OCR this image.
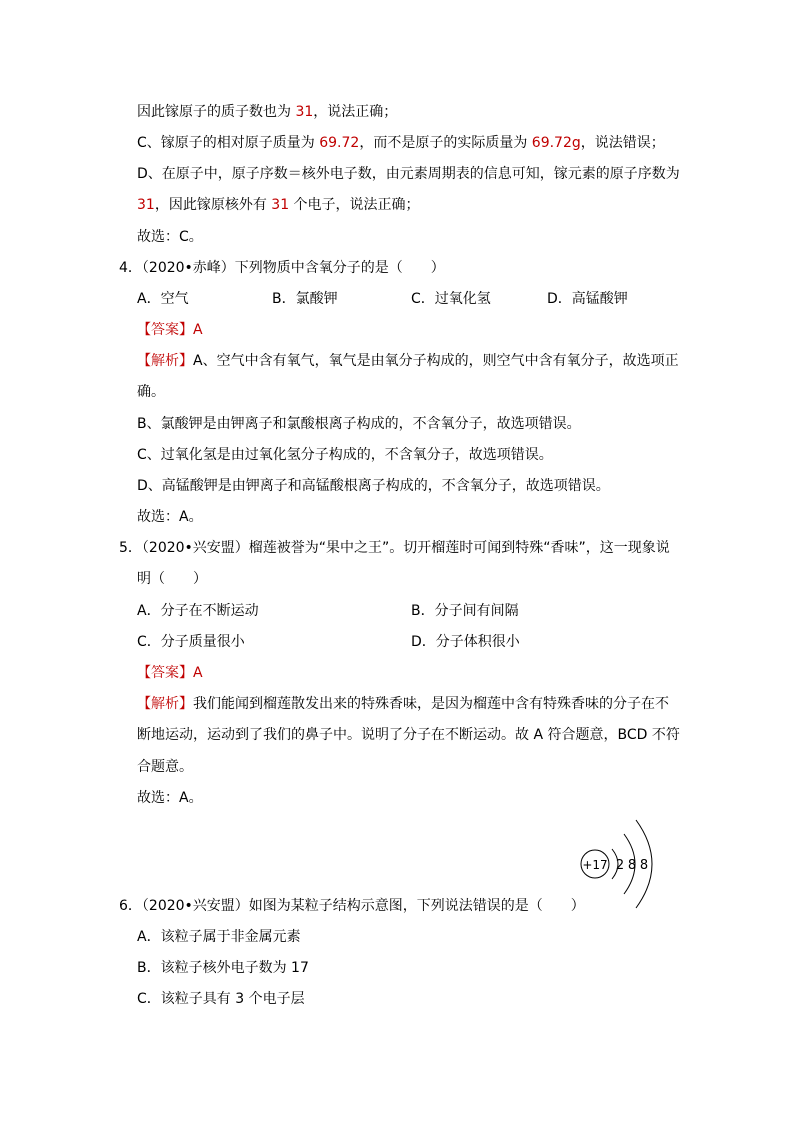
因此镓原子的质子数也为 31，说法正确；
C、镓原子的相对原子质量为 69.72，而不是原子的实际质量为 69.72g，说法错误；
D、在原子中，原子序数＝核外电子数，由元素周期表的信息可知，镓元素的原子序数为
31，因此镓原核外有 31 个电子，说法正确；
故选：C。
4．（2020•赤峰）下列物质中含氧分子的是（　　）
A．空气	B．氯酸钾	C．过氧化氢	D．高锰酸钾
【答案】A
【解析】A、空气中含有氧气，氧气是由氧分子构成的，则空气中含有氧分子，故选项正
确。
B、氯酸钾是由钾离子和氯酸根离子构成的，不含氧分子，故选项错误。
C、过氧化氢是由过氧化氢分子构成的，不含氧分子，故选项错误。
D、高锰酸钾是由钾离子和高锰酸根离子构成的，不含氧分子，故选项错误。
故选：A。
5．（2020•兴安盟）榴莲被誉为“果中之王”。切开榴莲时可闻到特殊“香味”，这一现象说
明（　　）
A．分子在不断运动	B．分子间有间隔
C．分子质量很小	D．分子体积很小
【答案】A
【解析】我们能闻到榴莲散发出来的特殊香味，是因为榴莲中含有特殊香味的分子在不
断地运动，运动到了我们的鼻子中。说明了分子在不断运动。故 A 符合题意，BCD 不符
合题意。
故选：A。
+17 2 8 8
6．（2020•兴安盟）如图为某粒子结构示意图，下列说法错误的是（　　）
A．该粒子属于非金属元素
B．该粒子核外电子数为 17
C．该粒子具有 3 个电子层
